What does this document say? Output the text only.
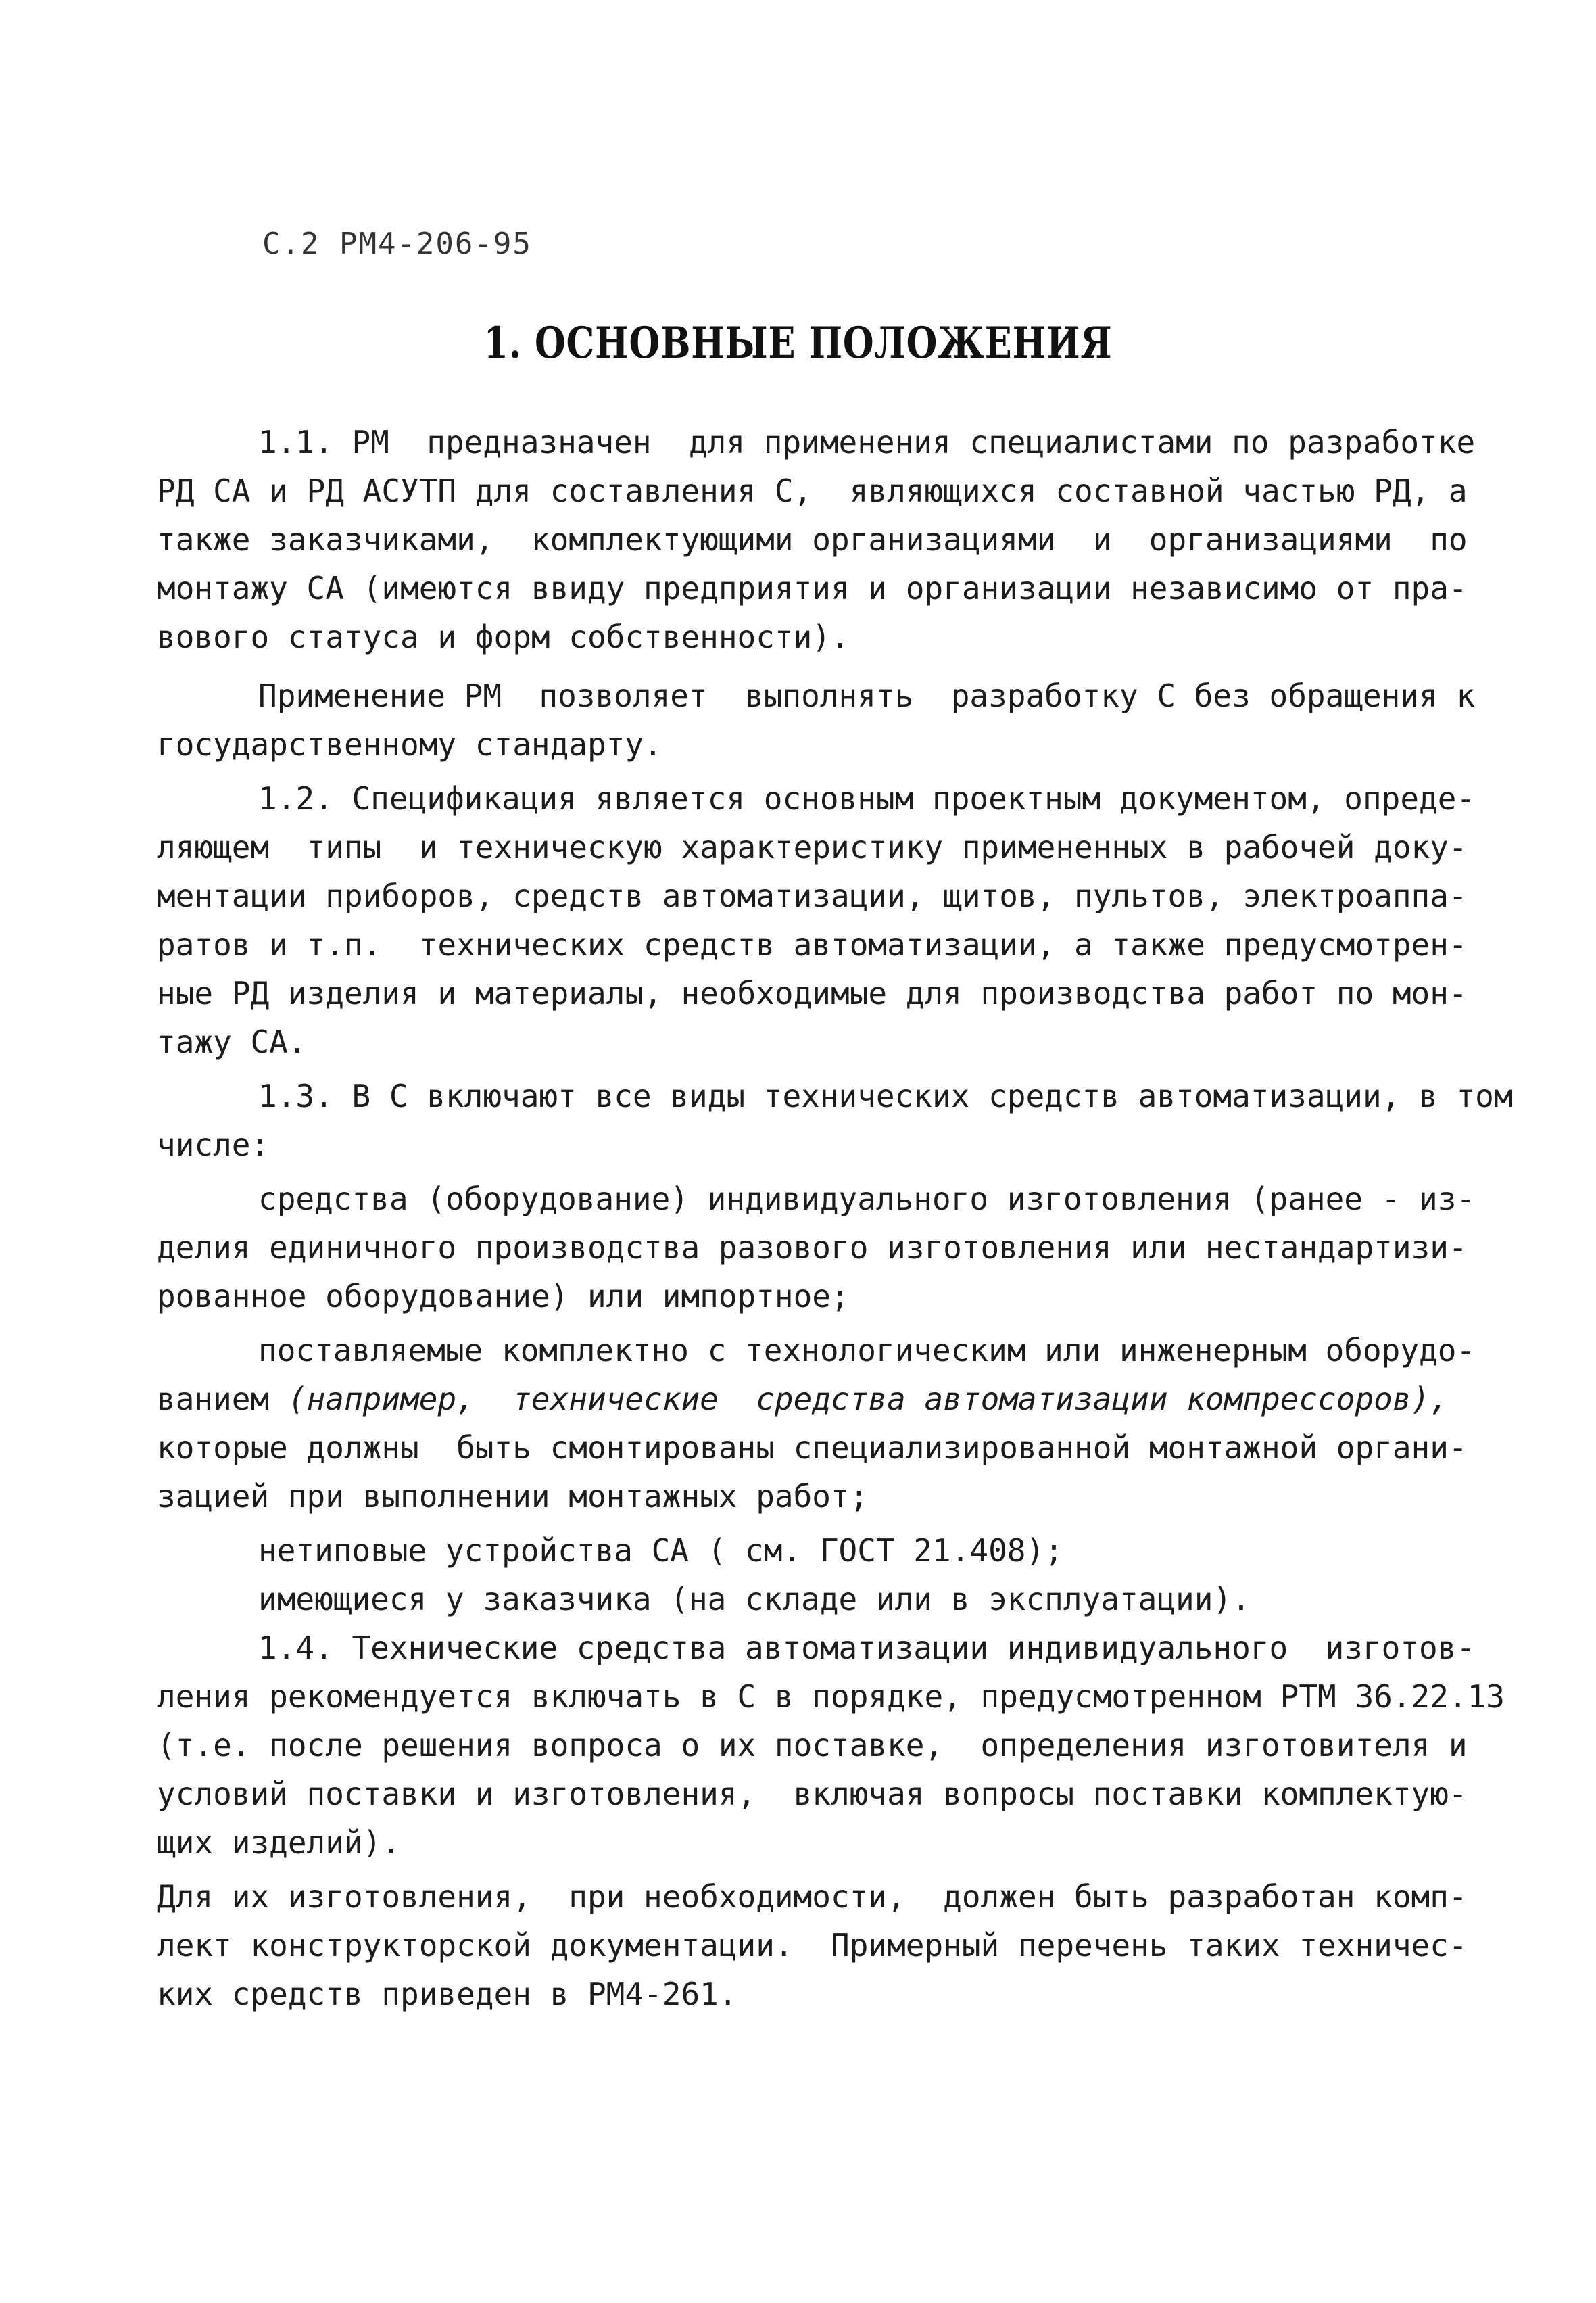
С.2 РМ4-206-95
1. ОСНОВНЫЕ ПОЛОЖЕНИЯ
1.1. РМ  предназначен  для применения специалистами по разработке
РД СА и РД АСУТП для составления С,  являющихся составной частью РД, а
также заказчиками,  комплектующими организациями  и  организациями  по
монтажу СА (имеются ввиду предприятия и организации независимо от пра-
вового статуса и форм собственности).
Применение РМ  позволяет  выполнять  разработку С без обращения к
государственному стандарту.
1.2. Спецификация является основным проектным документом, опреде-
ляющем  типы  и техническую характеристику примененных в рабочей доку-
ментации приборов, средств автоматизации, щитов, пультов, электроаппа-
ратов и т.п.  технических средств автоматизации, а также предусмотрен-
ные РД изделия и материалы, необходимые для производства работ по мон-
тажу СА.
1.3. В С включают все виды технических средств автоматизации, в том
числе:
средства (оборудование) индивидуального изготовления (ранее - из-
делия единичного производства разового изготовления или нестандартизи-
рованное оборудование) или импортное;
поставляемые комплектно с технологическим или инженерным оборудо-
ванием (например,  технические  средства автоматизации компрессоров),
которые должны  быть смонтированы специализированной монтажной органи-
зацией при выполнении монтажных работ;
нетиповые устройства СА ( см. ГОСТ 21.408);
имеющиеся у заказчика (на складе или в эксплуатации).
1.4. Технические средства автоматизации индивидуального  изготов-
ления рекомендуется включать в С в порядке, предусмотренном РТМ 36.22.13
(т.е. после решения вопроса о их поставке,  определения изготовителя и
условий поставки и изготовления,  включая вопросы поставки комплектую-
щих изделий).
Для их изготовления,  при необходимости,  должен быть разработан комп-
лект конструкторской документации.  Примерный перечень таких техничес-
ких средств приведен в РМ4-261.
